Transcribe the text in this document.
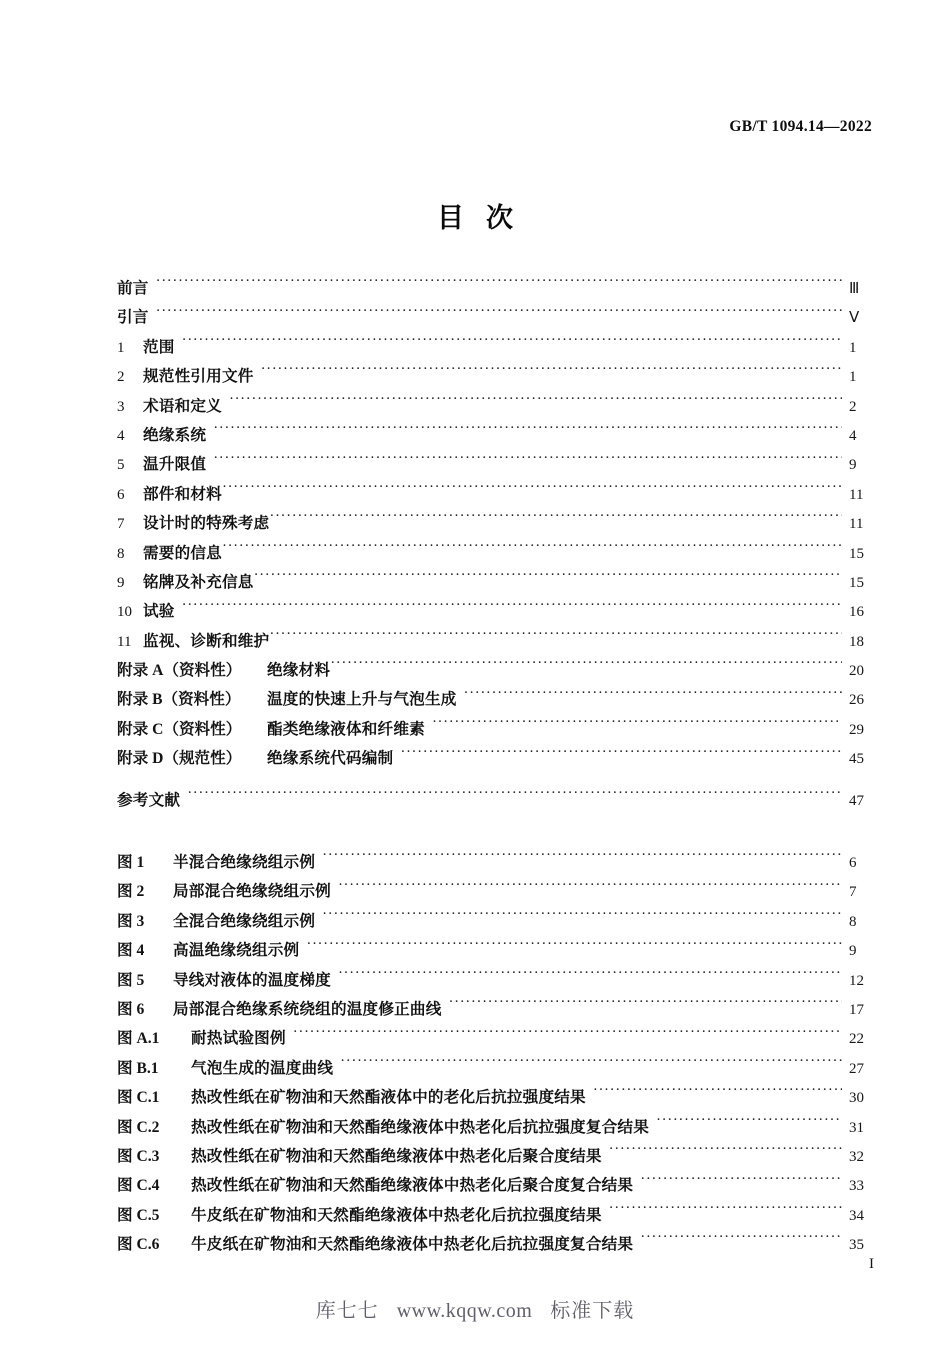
GB/T 1094.14—2022
目次
前言 ·····	Ⅲ
引言 ·····	Ⅴ
1	范围 ·····	1
2	规范性引用文件 ·····	1
3	术语和定义 ·····	2
4	绝缘系统 ·····	4
5	温升限值 ·····	9
6	部件和材料 ·····	11
7	设计时的特殊考虑 ·····	11
8	需要的信息 ·····	15
9	铭牌及补充信息 ·····	15
10 试验 ·····	16
11 监视、诊断和维护 ·····	18
附录 A（资料性）	绝缘材料 ·····	20
附录 B（资料性）	温度的快速上升与气泡生成 ·····	26
附录 C（资料性）	酯类绝缘液体和纤维素 ·····	29
附录 D（规范性）	绝缘系统代码编制 ·····	45
参考文献 ·····	47
图 1	半混合绝缘绕组示例 ·····	6
图 2	局部混合绝缘绕组示例 ·····	7
图 3	全混合绝缘绕组示例 ·····	8
图 4	高温绝缘绕组示例 ·····	9
图 5	导线对液体的温度梯度 ·····	12
图 6	局部混合绝缘系统绕组的温度修正曲线 ·····	17
图 A.1	耐热试验图例 ·····	22
图 B.1	气泡生成的温度曲线 ·····	27
图 C.1	热改性纸在矿物油和天然酯液体中的老化后抗拉强度结果 ·····	30
图 C.2	热改性纸在矿物油和天然酯绝缘液体中热老化后抗拉强度复合结果 ·····	31
图 C.3	热改性纸在矿物油和天然酯绝缘液体中热老化后聚合度结果 ·····	32
图 C.4	热改性纸在矿物油和天然酯绝缘液体中热老化后聚合度复合结果 ·····	33
图 C.5	牛皮纸在矿物油和天然酯绝缘液体中热老化后抗拉强度结果 ·····	34
图 C.6	牛皮纸在矿物油和天然酯绝缘液体中热老化后抗拉强度复合结果 ·····	35
I
库七七 www.kqqw.com 标准下载
